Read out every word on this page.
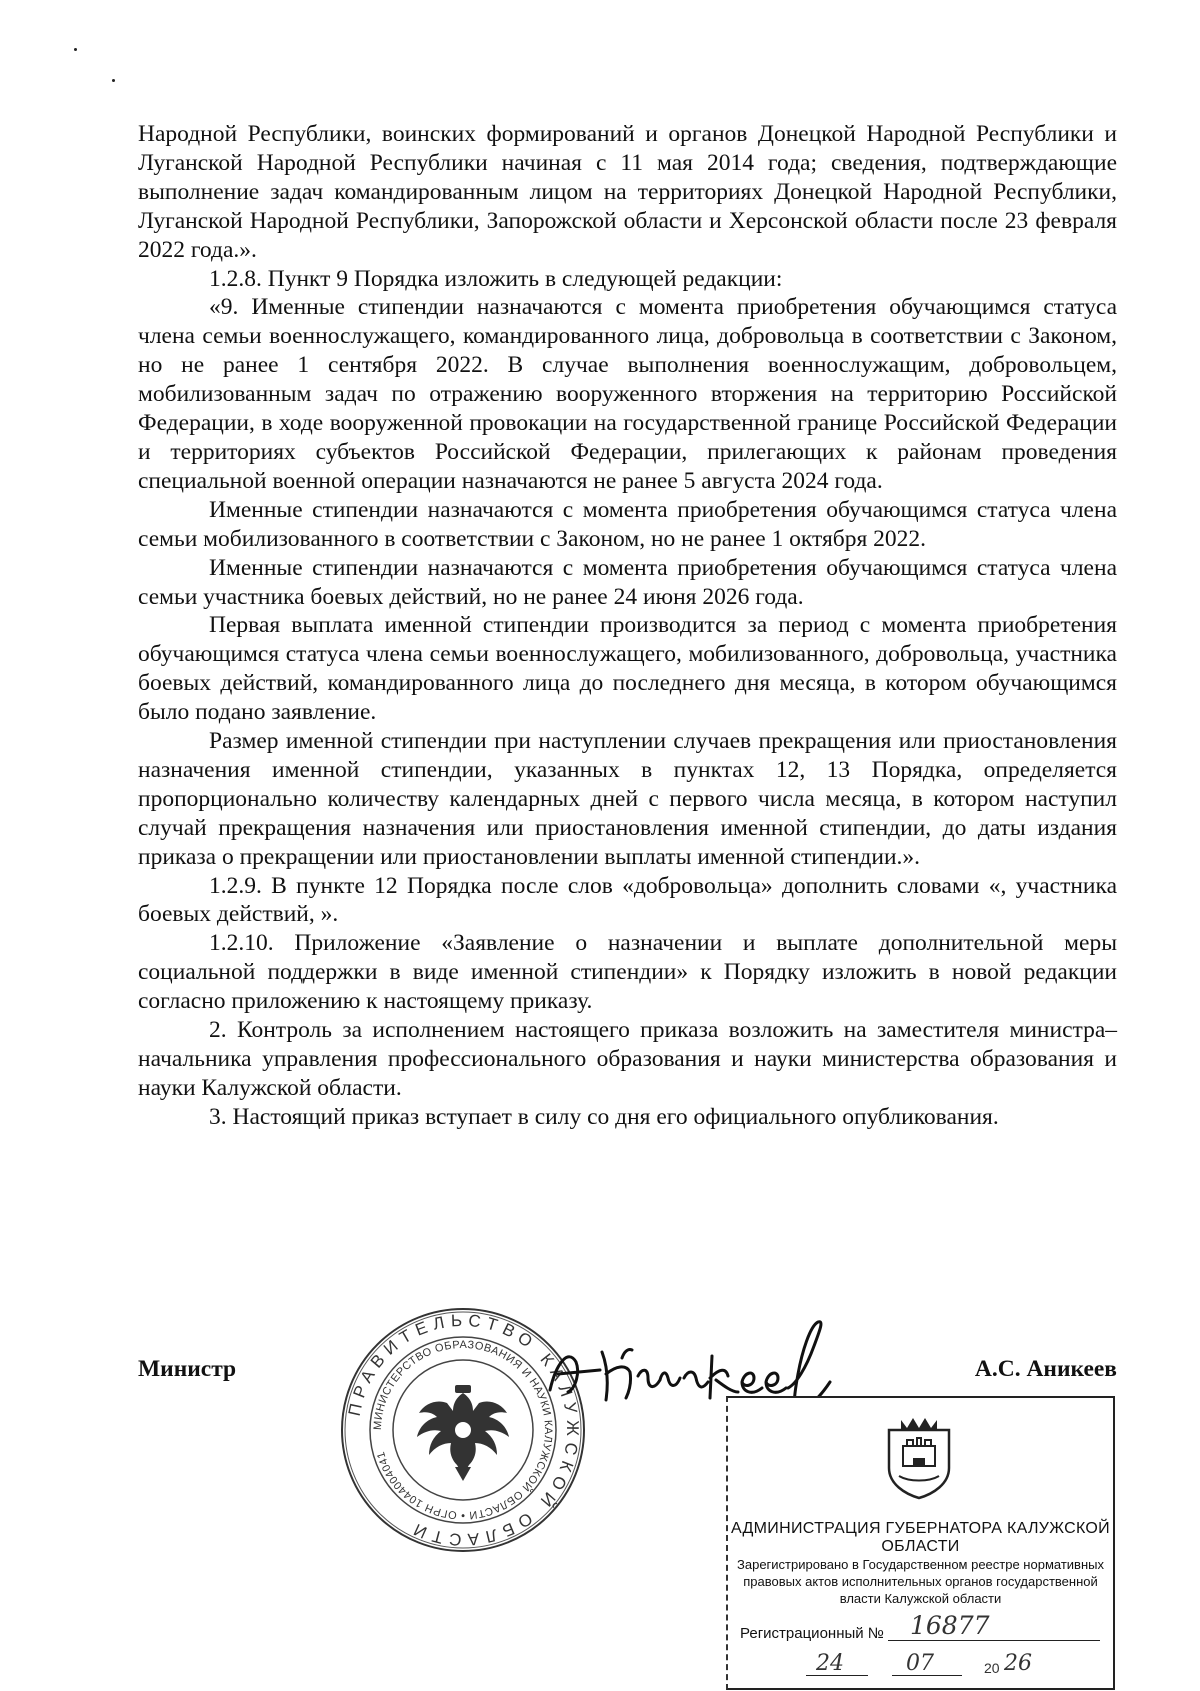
Народной Республики, воинских формирований и органов Донецкой Народной Республики и Луганской Народной Республики начиная с 11 мая 2014 года; сведения, подтверждающие выполнение задач командированным лицом на территориях Донецкой Народной Республики, Луганской Народной Республики, Запорожской области и Херсонской области после 23 февраля 2022 года.».

1.2.8. Пункт 9 Порядка изложить в следующей редакции:

«9. Именные стипендии назначаются с момента приобретения обучающимся статуса члена семьи военнослужащего, командированного лица, добровольца в соответствии с Законом, но не ранее 1 сентября 2022. В случае выполнения военнослужащим, добровольцем, мобилизованным задач по отражению вооруженного вторжения на территорию Российской Федерации, в ходе вооруженной провокации на государственной границе Российской Федерации и территориях субъектов Российской Федерации, прилегающих к районам проведения специальной военной операции назначаются не ранее 5 августа 2024 года.

Именные стипендии назначаются с момента приобретения обучающимся статуса члена семьи мобилизованного в соответствии с Законом, но не ранее 1 октября 2022.

Именные стипендии назначаются с момента приобретения обучающимся статуса члена семьи участника боевых действий, но не ранее 24 июня 2026 года.

Первая выплата именной стипендии производится за период с момента приобретения обучающимся статуса члена семьи военнослужащего, мобилизованного, добровольца, участника боевых действий, командированного лица до последнего дня месяца, в котором обучающимся было подано заявление.

Размер именной стипендии при наступлении случаев прекращения или приостановления назначения именной стипендии, указанных в пунктах 12, 13 Порядка, определяется пропорционально количеству календарных дней с первого числа месяца, в котором наступил случай прекращения назначения или приостановления именной стипендии, до даты издания приказа о прекращении или приостановлении выплаты именной стипендии.».

1.2.9. В пункте 12 Порядка после слов «добровольца» дополнить словами «, участника боевых действий, ».

1.2.10. Приложение «Заявление о назначении и выплате дополнительной меры социальной поддержки в виде именной стипендии» к Порядку изложить в новой редакции согласно приложению к настоящему приказу.

2. Контроль за исполнением настоящего приказа возложить на заместителя министра–начальника управления профессионального образования и науки министерства образования и науки Калужской области.

3. Настоящий приказ вступает в силу со дня его официального опубликования.

Министр	А.С. Аникеев
ПРАВИТЕЛЬСТВО КАЛУЖСКОЙ ОБЛАСТИ
МИНИСТЕРСТВО ОБРАЗОВАНИЯ И НАУКИ КАЛУЖСКОЙ ОБЛАСТИ • ОГРН 1044004041
АДМИНИСТРАЦИЯ ГУБЕРНАТОРА КАЛУЖСКОЙ ОБЛАСТИ
Зарегистрировано в Государственном реестре нормативных правовых актов исполнительных органов государственной власти Калужской области
Регистрационный № 16877
24	07	20 26
